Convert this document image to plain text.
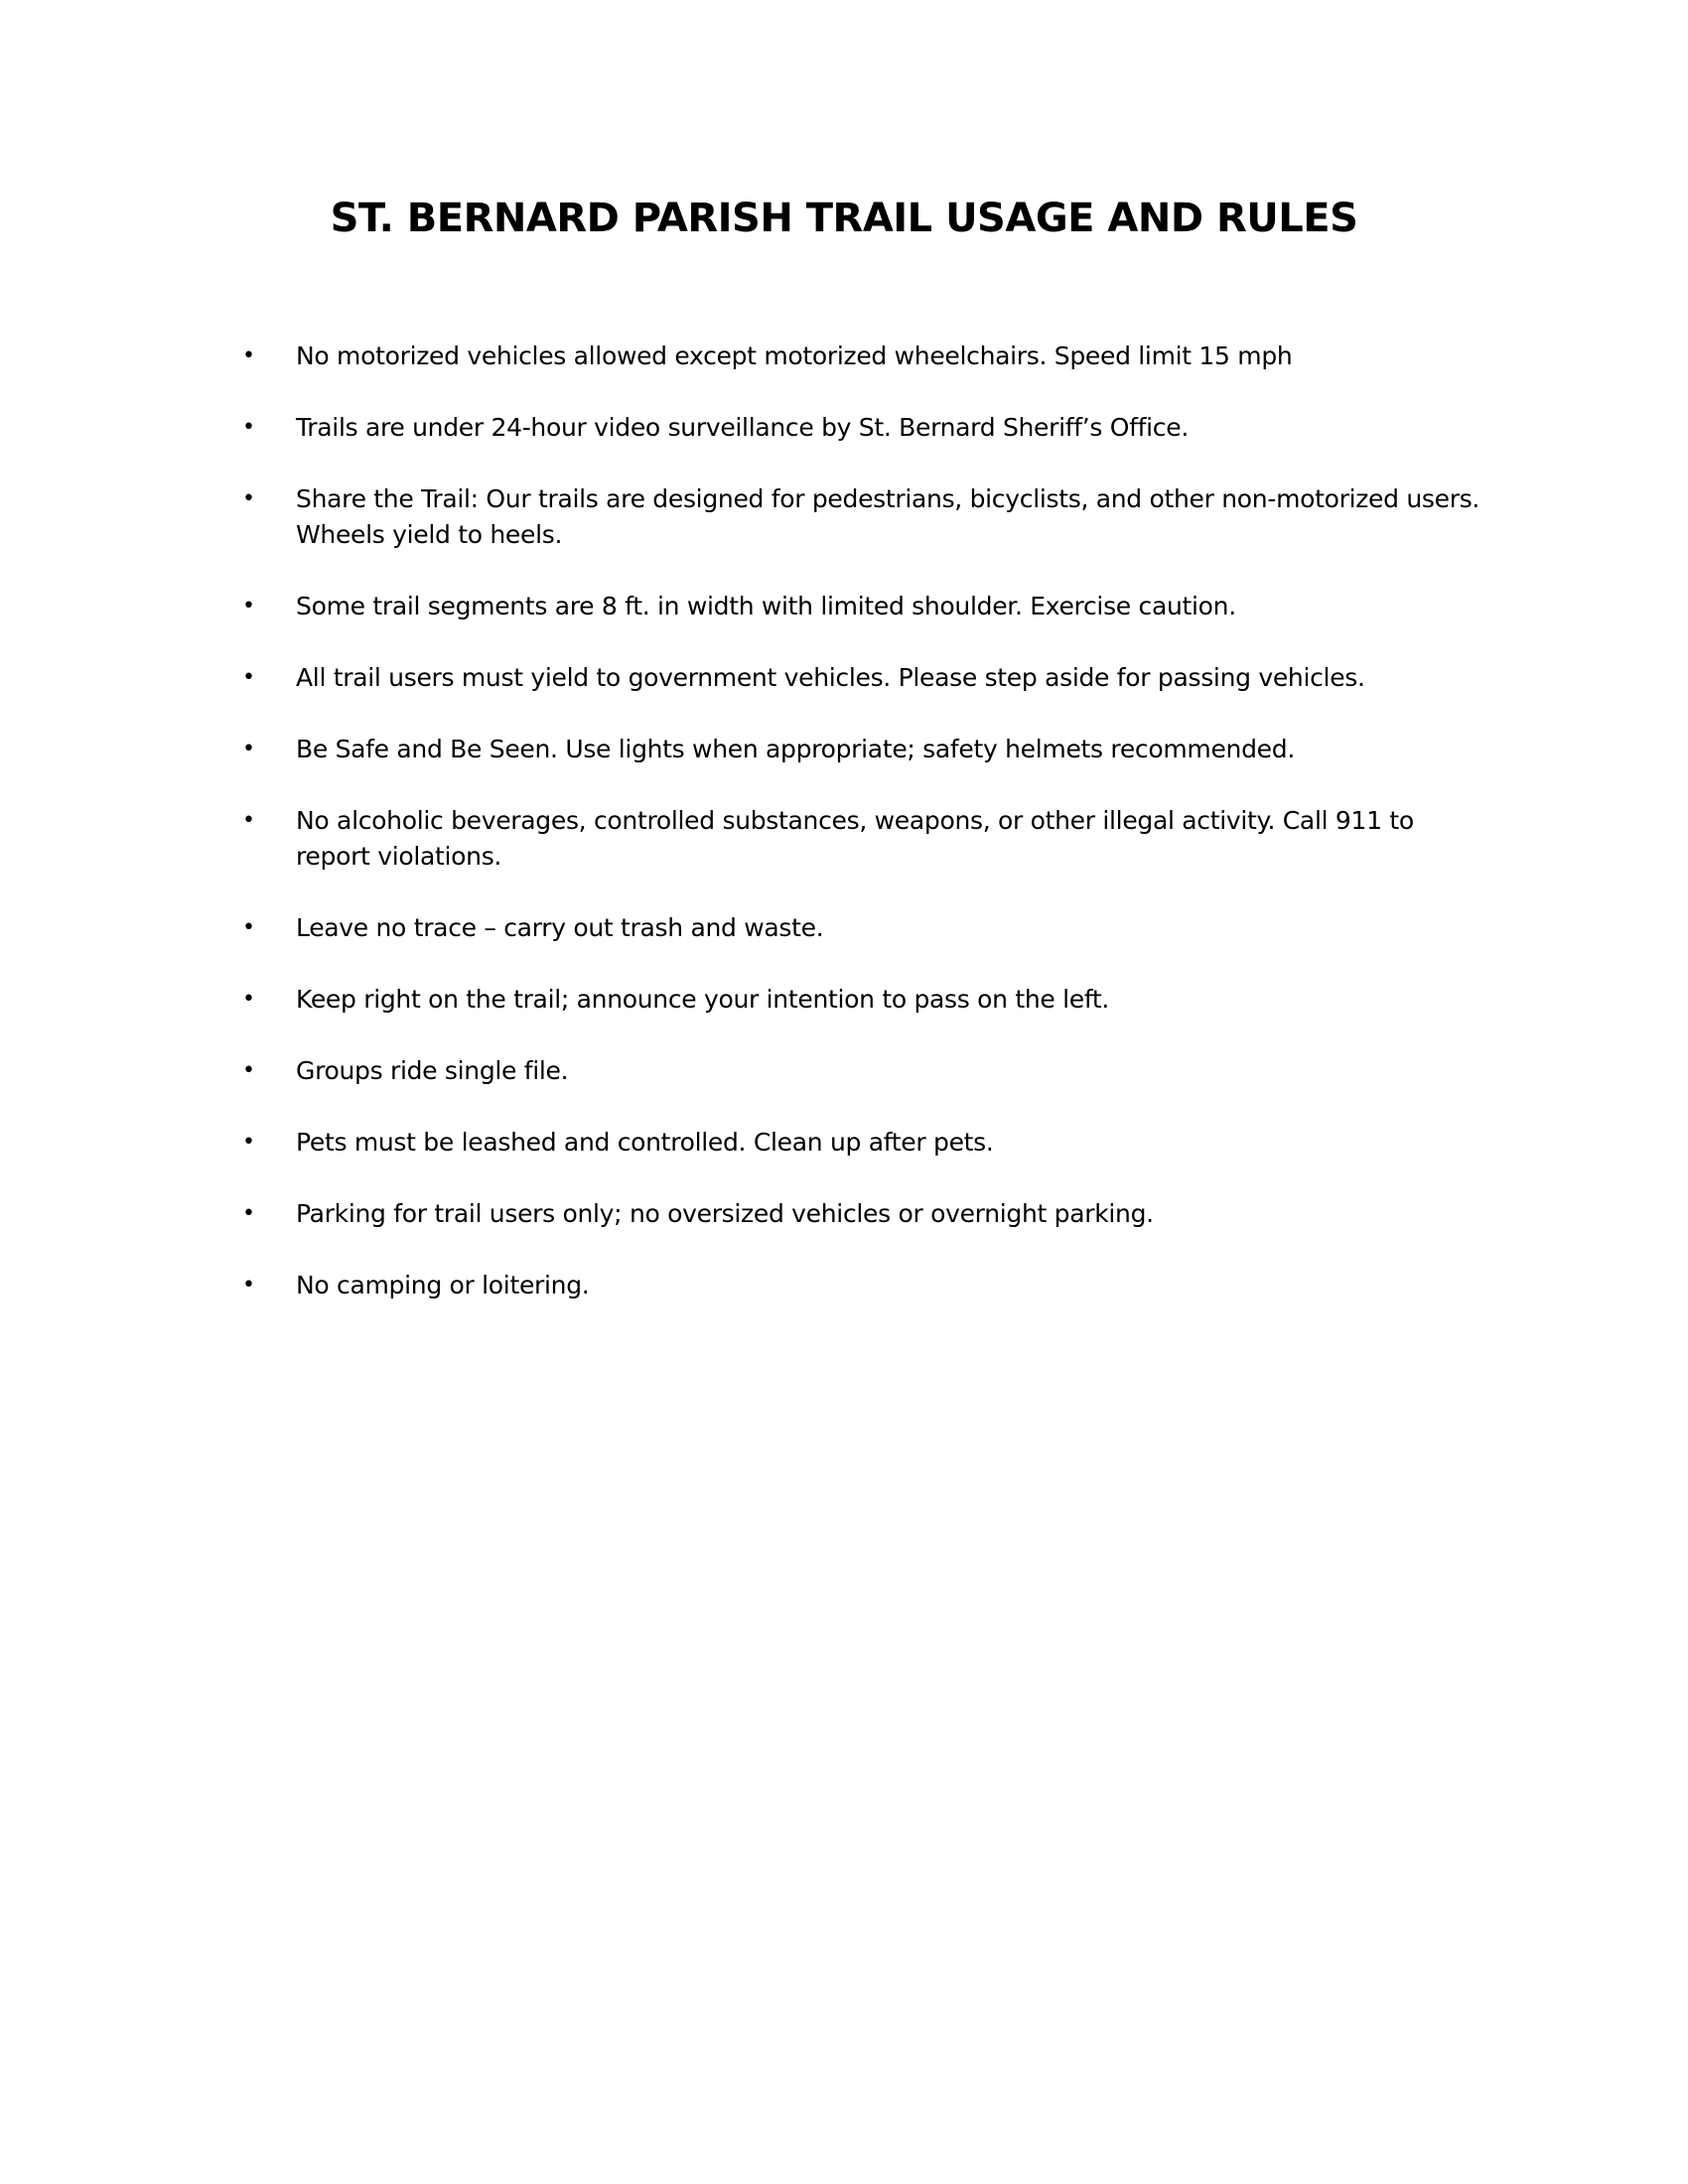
ST. BERNARD PARISH TRAIL USAGE AND RULES
• No motorized vehicles allowed except motorized wheelchairs. Speed limit 15 mph
• Trails are under 24-hour video surveillance by St. Bernard Sheriff’s Office.
• Share the Trail: Our trails are designed for pedestrians, bicyclists, and other non-motorized users. Wheels yield to heels.
• Some trail segments are 8 ft. in width with limited shoulder. Exercise caution.
• All trail users must yield to government vehicles. Please step aside for passing vehicles.
• Be Safe and Be Seen. Use lights when appropriate; safety helmets recommended.
• No alcoholic beverages, controlled substances, weapons, or other illegal activity. Call 911 to report violations.
• Leave no trace – carry out trash and waste.
• Keep right on the trail; announce your intention to pass on the left.
• Groups ride single file.
• Pets must be leashed and controlled. Clean up after pets.
• Parking for trail users only; no oversized vehicles or overnight parking.
• No camping or loitering.
